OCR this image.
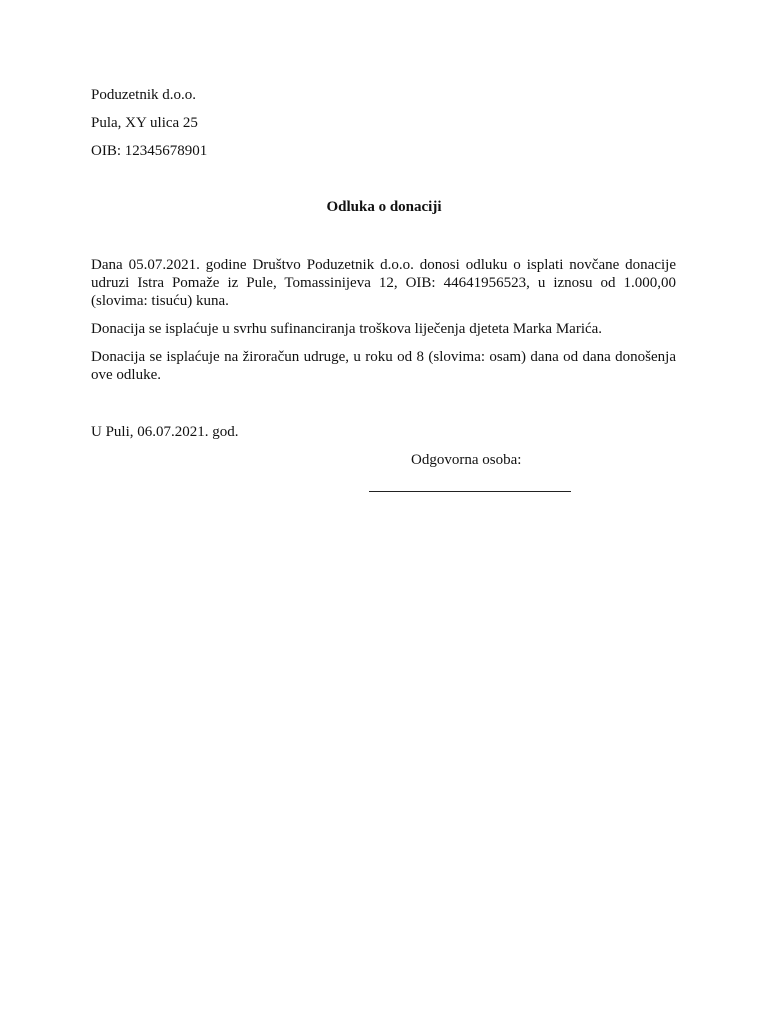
Poduzetnik d.o.o.
Pula, XY ulica 25
OIB: 12345678901
Odluka o donaciji

Dana 05.07.2021. godine Društvo Poduzetnik d.o.o. donosi odluku o isplati novčane donacije udruzi Istra Pomaže iz Pule, Tomassinijeva 12, OIB: 44641956523, u iznosu od 1.000,00 (slovima: tisuću) kuna.

Donacija se isplaćuje u svrhu sufinanciranja troškova liječenja djeteta Marka Marića.

Donacija se isplaćuje na žiroračun udruge, u roku od 8 (slovima: osam) dana od dana donošenja ove odluke.

U Puli, 06.07.2021. god.
Odgovorna osoba:
